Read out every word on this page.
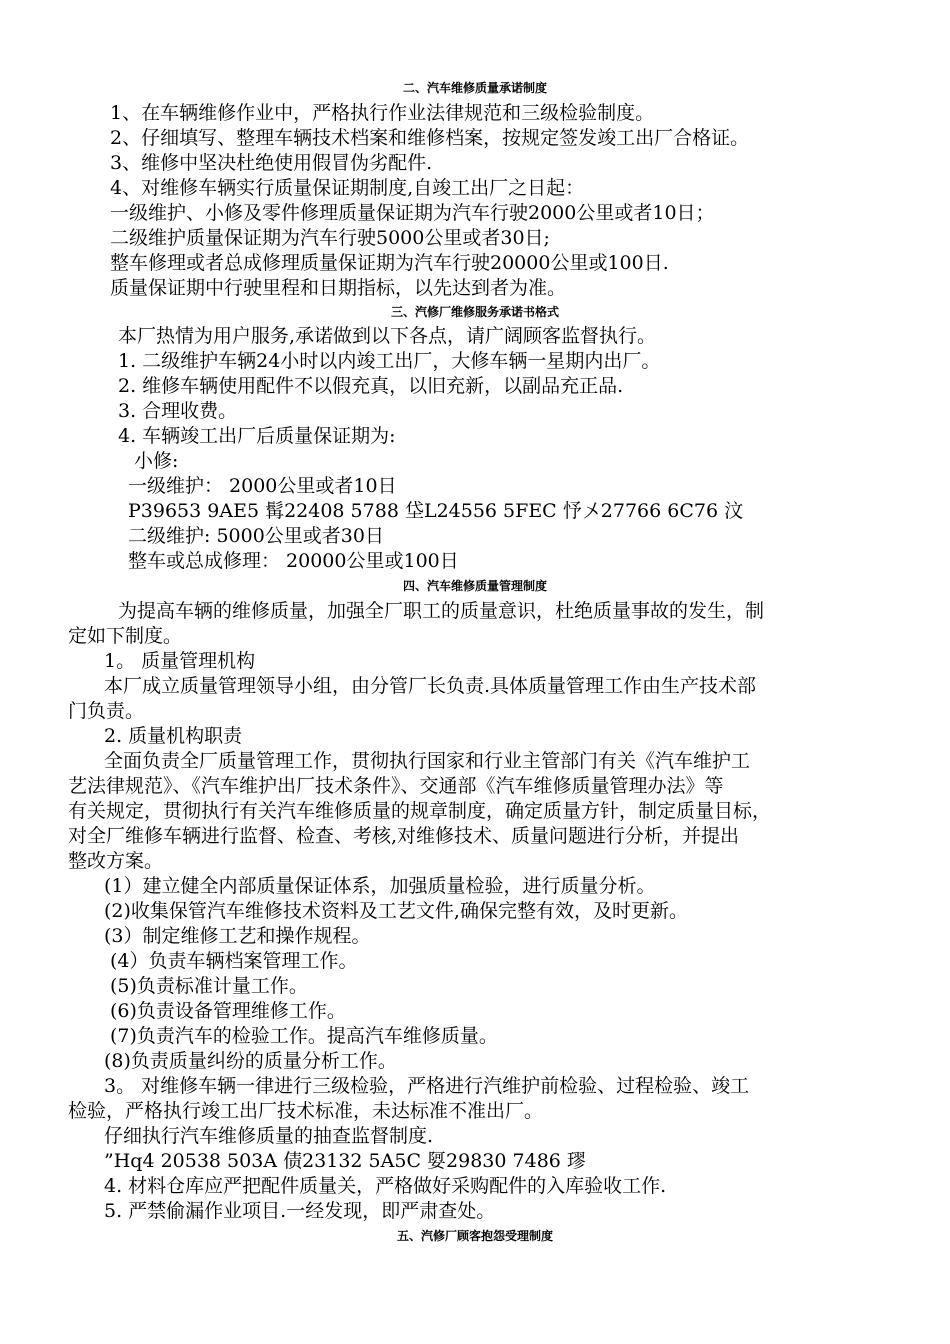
二、汽车维修质量承诺制度
1、在车辆维修作业中，严格执行作业法律规范和三级检验制度。
2、仔细填写、整理车辆技术档案和维修档案，按规定签发竣工出厂合格证。
3、维修中坚决杜绝使用假冒伪劣配件.
4、对维修车辆实行质量保证期制度,自竣工出厂之日起：
一级维护、小修及零件修理质量保证期为汽车行驶2000公里或者10日；
二级维护质量保证期为汽车行驶5000公里或者30日;
整车修理或者总成修理质量保证期为汽车行驶20000公里或100日.
质量保证期中行驶里程和日期指标，以先达到者为准。
三、汽修厂维修服务承诺书格式
本厂热情为用户服务,承诺做到以下各点，请广阔顾客监督执行。
1. 二级维护车辆24小时以内竣工出厂，大修车辆一星期内出厂。
2. 维修车辆使用配件不以假充真，以旧充新，以副品充正品.
3. 合理收费。
4. 车辆竣工出厂后质量保证期为:
小修:
一级维护： 2000公里或者10日
P39653 9AE5 髯22408 5788 垈L24556 5FEC 忬〤27766 6C76 汶
二级维护: 5000公里或者30日
整车或总成修理： 20000公里或100日
四、汽车维修质量管理制度
为提高车辆的维修质量，加强全厂职工的质量意识，杜绝质量事故的发生，制
定如下制度。
1。 质量管理机构
本厂成立质量管理领导小组，由分管厂长负责.具体质量管理工作由生产技术部
门负责。
2. 质量机构职责
全面负责全厂质量管理工作，贯彻执行国家和行业主管部门有关《汽车维护工
艺法律规范》、《汽车维护出厂技术条件》、交通部《汽车维修质量管理办法》等
有关规定，贯彻执行有关汽车维修质量的规章制度，确定质量方针，制定质量目标，
对全厂维修车辆进行监督、检查、考核,对维修技术、质量问题进行分析，并提出
整改方案。
(1）建立健全内部质量保证体系，加强质量检验，进行质量分析。
(2)收集保管汽车维修技术资料及工艺文件,确保完整有效，及时更新。
(3）制定维修工艺和操作规程。
(4）负责车辆档案管理工作。
(5)负责标准计量工作。
(6)负责设备管理维修工作。
(7)负责汽车的检验工作。提高汽车维修质量。
(8)负责质量纠纷的质量分析工作。
3。 对维修车辆一律进行三级检验，严格进行汽维护前检验、过程检验、竣工
检验，严格执行竣工出厂技术标准，未达标准不准出厂。
仔细执行汽车维修质量的抽查监督制度.
”Hq4 20538 503A 债23132 5A5C 娿29830 7486 璆
4. 材料仓库应严把配件质量关，严格做好采购配件的入库验收工作.
5. 严禁偷漏作业项目.一经发现，即严肃查处。
五、汽修厂顾客抱怨受理制度
